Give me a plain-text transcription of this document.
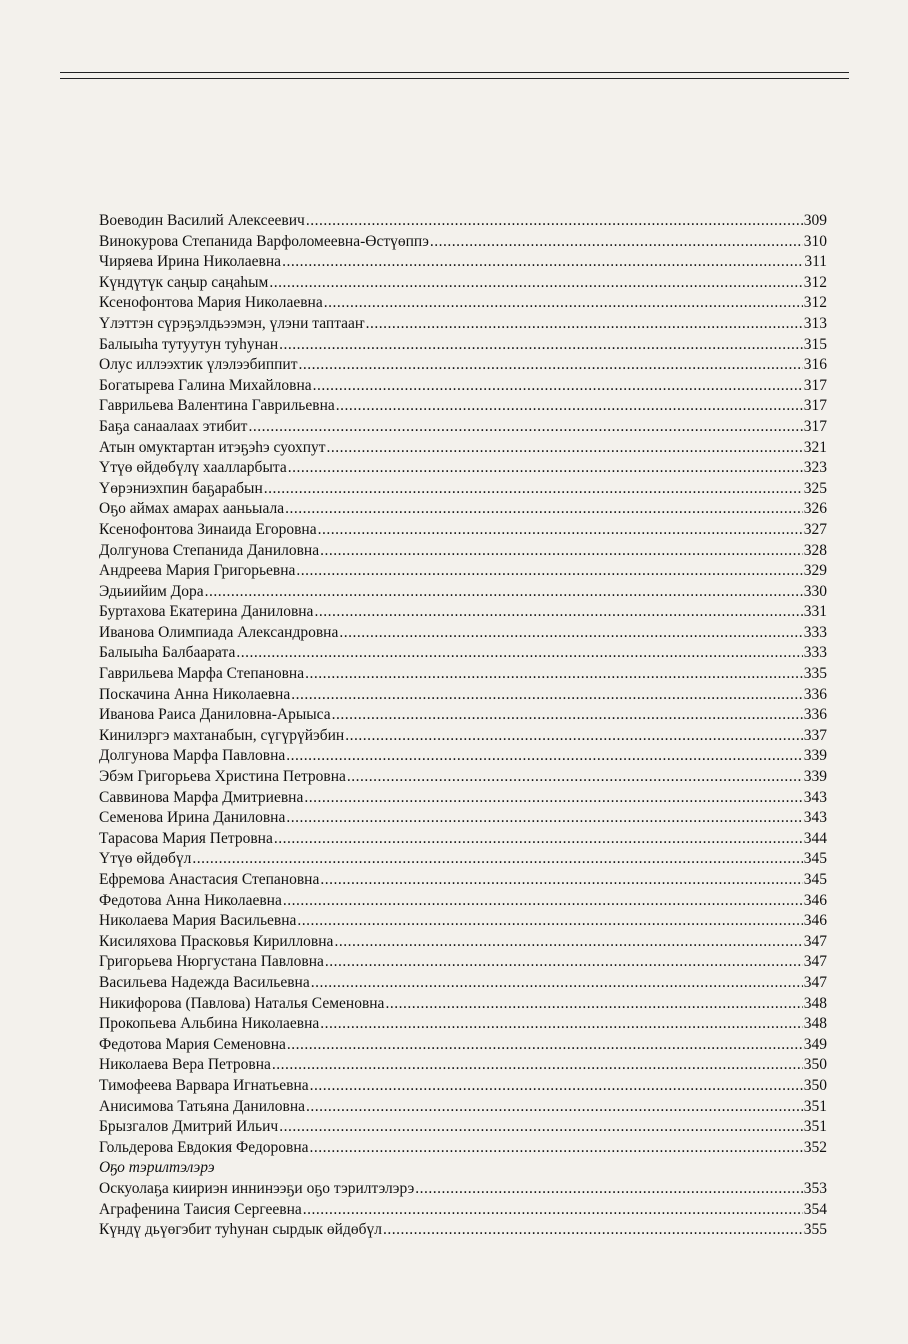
Воеводин Василий Алексеевич .....	309
Винокурова Степанида Варфоломеевна-Өстүөппэ .....	310
Чиряева Ирина Николаевна .....	311
Күндүтүк саңыр саңаһым .....	312
Ксенофонтова Мария Николаевна .....	312
Үлэттэн сүрэҕэлдьээмэн, үлэни таптааҥ .....	313
Балыыһа тутуутун туһунан .....	315
Олус иллээхтик үлэлээбиппит .....	316
Богатырева Галина Михайловна .....	317
Гаврильева Валентина Гаврильевна .....	317
Баҕа санаалаах этибит .....	317
Атын омуктартан итэҕэһэ суохпут .....	321
Үтүө өйдөбүлү хаалларбыта .....	323
Үөрэниэхпин баҕарабын .....	325
Оҕо аймах амарах ааньыала .....	326
Ксенофонтова Зинаида Егоровна .....	327
Долгунова Степанида Даниловна .....	328
Андреева Мария Григорьевна .....	329
Эдьиийим Дора .....	330
Буртахова Екатерина Даниловна .....	331
Иванова Олимпиада Александровна .....	333
Балыыһа Балбаарата .....	333
Гаврильева Марфа Степановна .....	335
Поскачина Анна Николаевна .....	336
Иванова Раиса Даниловна-Арыыса .....	336
Кинилэргэ махтанабын, сүгүрүйэбин .....	337
Долгунова Марфа Павловна .....	339
Эбэм Григорьева Христина Петровна .....	339
Саввинова Марфа Дмитриевна .....	343
Семенова Ирина Даниловна .....	343
Тарасова Мария Петровна .....	344
Үтүө өйдөбүл .....	345
Ефремова Анастасия Степановна .....	345
Федотова Анна Николаевна .....	346
Николаева Мария Васильевна .....	346
Кисиляхова Прасковья Кирилловна .....	347
Григорьева Нюргустана Павловна .....	347
Васильева Надежда Васильевна .....	347
Никифорова (Павлова) Наталья Семеновна .....	348
Прокопьева Альбина Николаевна .....	348
Федотова Мария Семеновна .....	349
Николаева Вера Петровна .....	350
Тимофеева Варвара Игнатьевна .....	350
Анисимова Татьяна Даниловна .....	351
Брызгалов Дмитрий Ильич .....	351
Гольдерова Евдокия Федоровна .....	352
Оҕо тэрилтэлэрэ
Оскуолаҕа киириэн иннинээҕи оҕо тэрилтэлэрэ .....	353
Аграфенина Таисия Сергеевна .....	354
Күндү дьүөгэбит туһунан сырдык өйдөбүл .....	355
